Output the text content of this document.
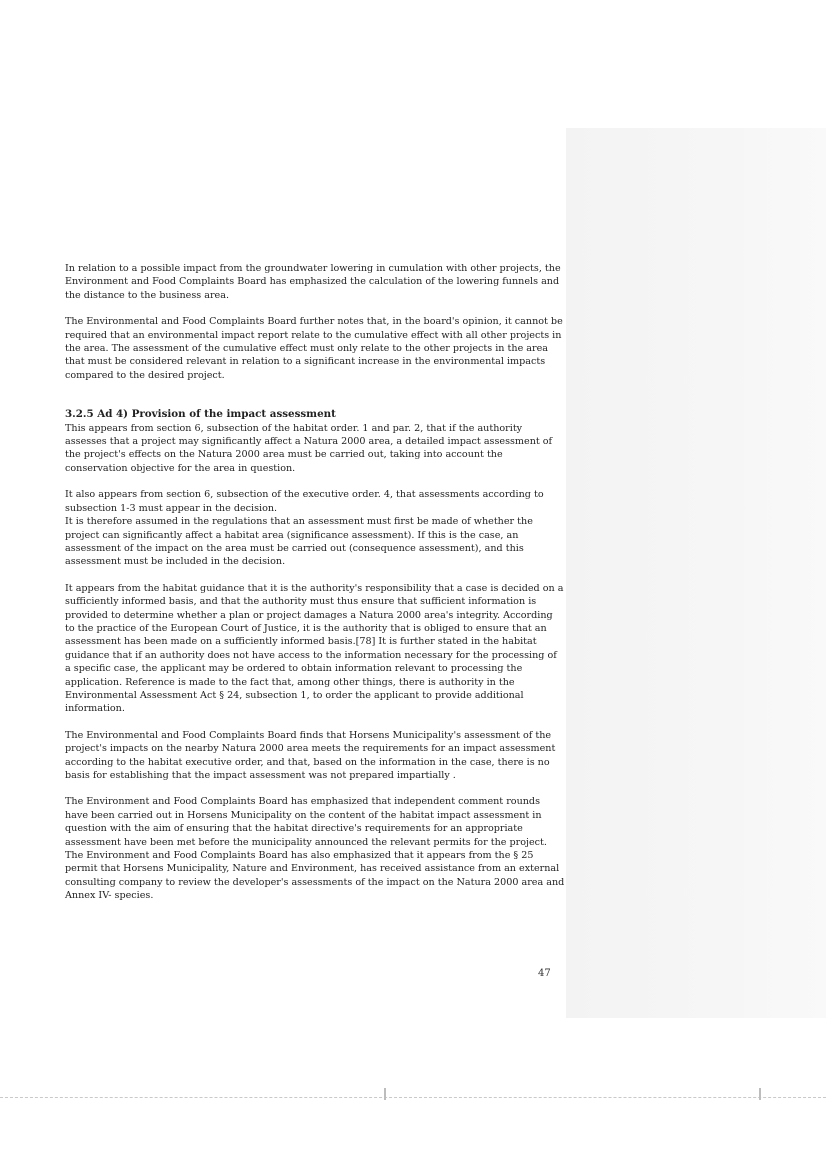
In relation to a possible impact from the groundwater lowering in cumulation with other projects, the Environment and Food Complaints Board has emphasized the calculation of the lowering funnels and the distance to the business area.

The Environmental and Food Complaints Board further notes that, in the board's opinion, it cannot be required that an environmental impact report relate to the cumulative effect with all other projects in the area. The assessment of the cumulative effect must only relate to the other projects in the area that must be considered relevant in relation to a significant increase in the environmental impacts compared to the desired project.

3.2.5 Ad 4) Provision of the impact assessment

This appears from section 6, subsection of the habitat order. 1 and par. 2, that if the authority assesses that a project may significantly affect a Natura 2000 area, a detailed impact assessment of the project's effects on the Natura 2000 area must be carried out, taking into account the conservation objective for the area in question.

It also appears from section 6, subsection of the executive order. 4, that assessments according to subsection 1-3 must appear in the decision.

It is therefore assumed in the regulations that an assessment must first be made of whether the project can significantly affect a habitat area (significance assessment). If this is the case, an assessment of the impact on the area must be carried out (consequence assessment), and this assessment must be included in the decision.

It appears from the habitat guidance that it is the authority's responsibility that a case is decided on a sufficiently informed basis, and that the authority must thus ensure that sufficient information is provided to determine whether a plan or project damages a Natura 2000 area's integrity. According to the practice of the European Court of Justice, it is the authority that is obliged to ensure that an assessment has been made on a sufficiently informed basis.[78] It is further stated in the habitat guidance that if an authority does not have access to the information necessary for the processing of a specific case, the applicant may be ordered to obtain information relevant to processing the application. Reference is made to the fact that, among other things, there is authority in the Environmental Assessment Act § 24, subsection 1, to order the applicant to provide additional information.

The Environmental and Food Complaints Board finds that Horsens Municipality's assessment of the project's impacts on the nearby Natura 2000 area meets the requirements for an impact assessment according to the habitat executive order, and that, based on the information in the case, there is no basis for establishing that the impact assessment was not prepared impartially .

The Environment and Food Complaints Board has emphasized that independent comment rounds have been carried out in Horsens Municipality on the content of the habitat impact assessment in question with the aim of ensuring that the habitat directive's requirements for an appropriate assessment have been met before the municipality announced the relevant permits for the project.

The Environment and Food Complaints Board has also emphasized that it appears from the § 25 permit that Horsens Municipality, Nature and Environment, has received assistance from an external consulting company to review the developer's assessments of the impact on the Natura 2000 area and Annex IV- species.

47
